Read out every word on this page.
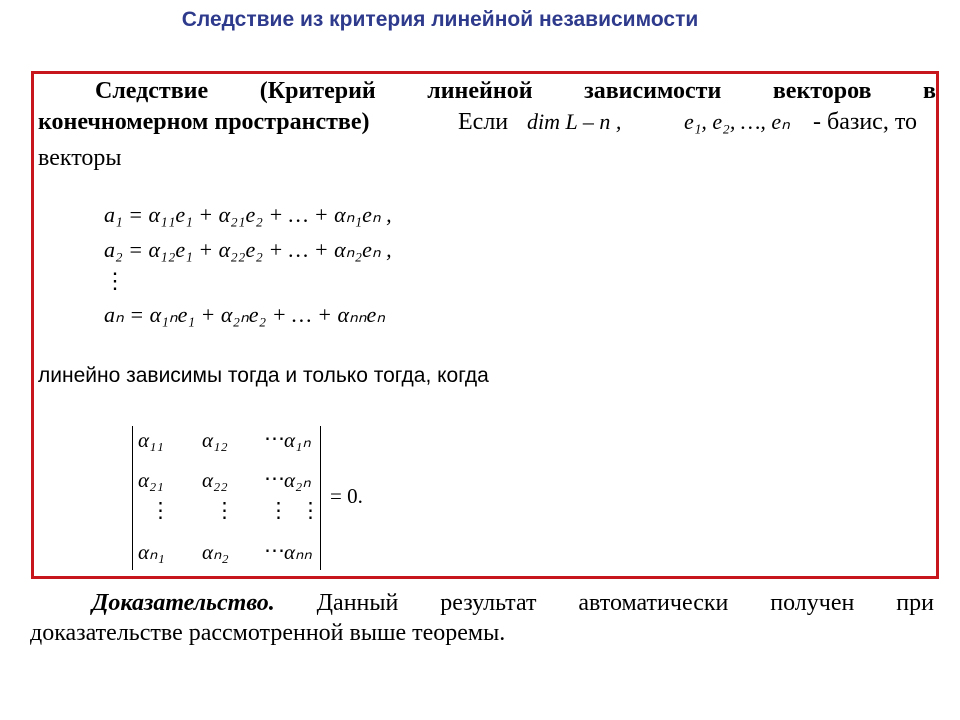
Следствие из критерия линейной независимости
Следствие (Критерий линейной зависимости векторов в
конечномерном пространстве)	Если dim L – n ,	e₁, e₂, …, eₙ - базис, то
векторы
a₁ = α₁₁e₁ + α₂₁e₂ + … + αₙ₁eₙ ,
a₂ = α₁₂e₁ + α₂₂e₂ + … + αₙ₂eₙ ,
⋮
aₙ = α₁ₙe₁ + α₂ₙe₂ + … + αₙₙeₙ
линейно зависимы тогда и только тогда, когда
α₁₁ α₁₂ ⋯ α₁ₙ
α₂₁ α₂₂ ⋯ α₂ₙ
⋮ ⋮ ⋮ ⋮
αₙ₁ αₙ₂ ⋯ αₙₙ
= 0.
Доказательство. Данный результат автоматически получен при
доказательстве рассмотренной выше теоремы.
